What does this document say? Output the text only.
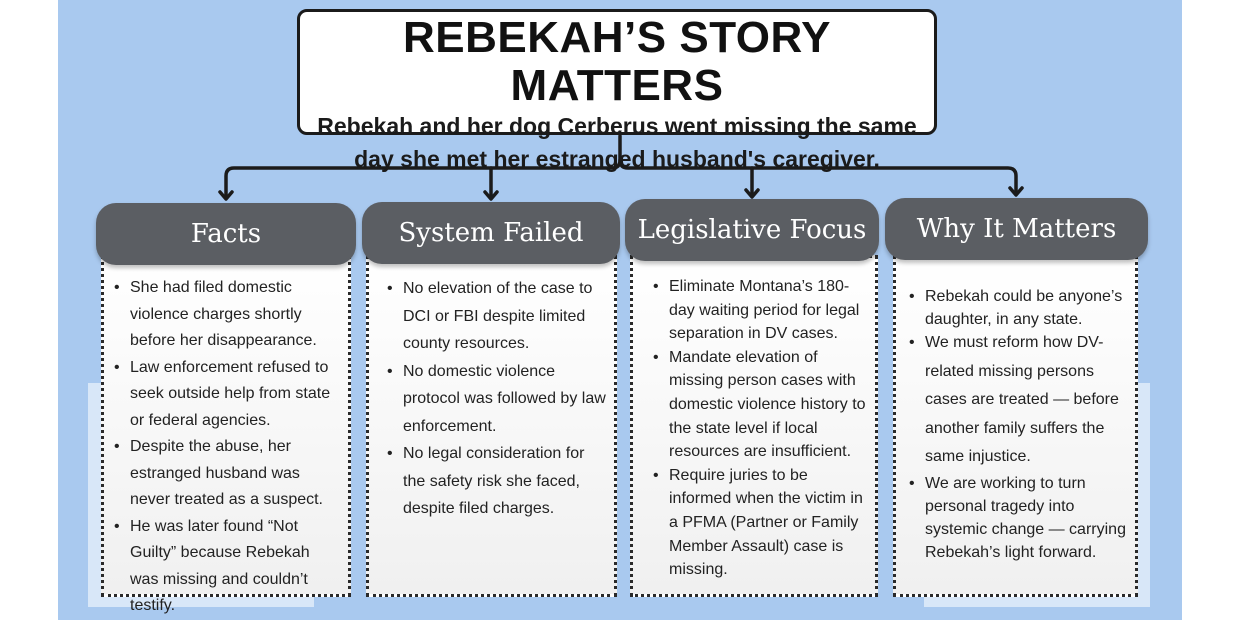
REBEKAH’S STORY MATTERS
Rebekah and her dog Cerberus went missing the same day she met her estranged husband's caregiver.
Facts
• She had filed domestic violence charges shortly before her disappearance.
• Law enforcement refused to seek outside help from state or federal agencies.
• Despite the abuse, her estranged husband was never treated as a suspect.
• He was later found “Not Guilty” because Rebekah was missing and couldn’t testify.
System Failed
• No elevation of the case to DCI or FBI despite limited county resources.
• No domestic violence protocol was followed by law enforcement.
• No legal consideration for the safety risk she faced, despite filed charges.
Legislative Focus
• Eliminate Montana’s 180-day waiting period for legal separation in DV cases.
• Mandate elevation of missing person cases with domestic violence history to the state level if local resources are insufficient.
• Require juries to be informed when the victim in a PFMA (Partner or Family Member Assault) case is missing.
Why It Matters
• Rebekah could be anyone’s daughter, in any state.
• We must reform how DV-related missing persons cases are treated — before another family suffers the same injustice.
• We are working to turn personal tragedy into systemic change — carrying Rebekah’s light forward.
